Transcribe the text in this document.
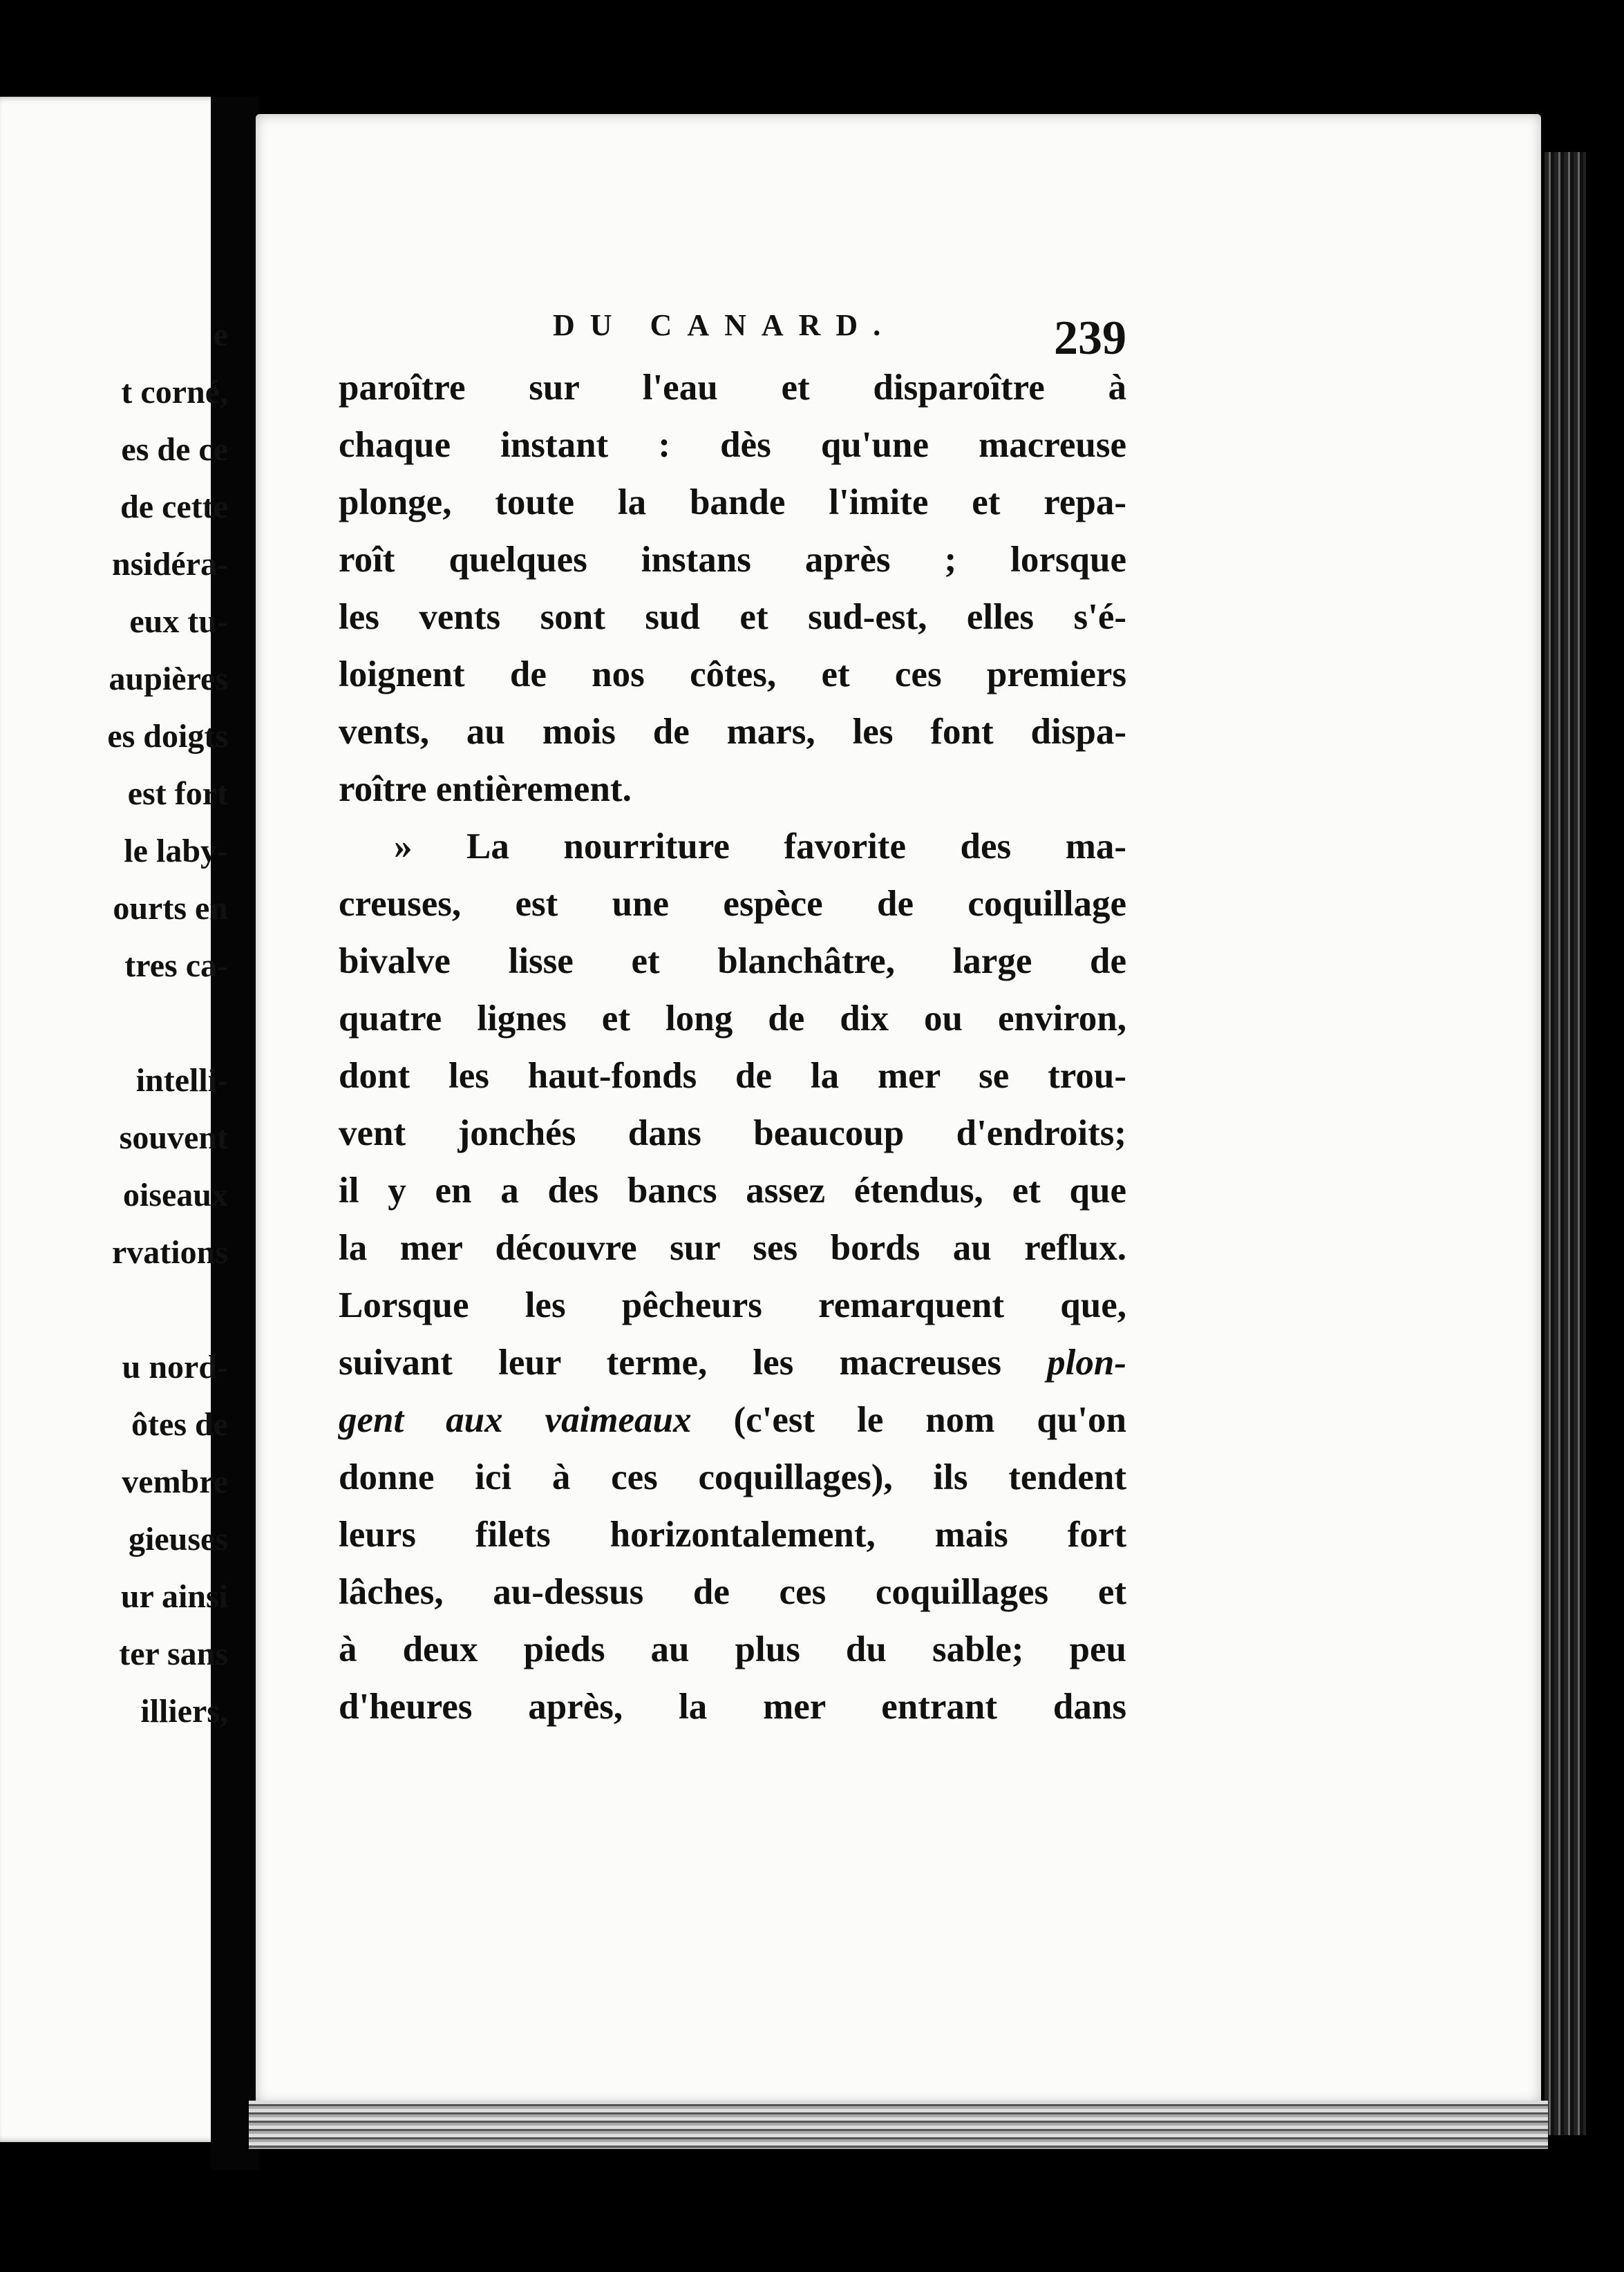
e
t corné,
es de ce
de cette
nsidéra-
eux tu-
aupières
es doigts
est fort
le laby-
ourts en
tres ca-
intelli-
souvent
oiseaux
rvations
u nord-
ôtes de
vembre
gieuses
ur ainsi
ter sans
illiers,
DU CANARD.	239

paroître sur l'eau et disparoître à
chaque instant : dès qu'une macreuse
plonge, toute la bande l'imite et repa-
roît quelques instans après ; lorsque
les vents sont sud et sud-est, elles s'é-
loignent de nos côtes, et ces premiers
vents, au mois de mars, les font dispa-
roître entièrement.

» La nourriture favorite des ma-
creuses, est une espèce de coquillage
bivalve lisse et blanchâtre, large de
quatre lignes et long de dix ou environ,
dont les haut-fonds de la mer se trou-
vent jonchés dans beaucoup d'endroits;
il y en a des bancs assez étendus, et que
la mer découvre sur ses bords au reflux.
Lorsque les pêcheurs remarquent que,
suivant leur terme, les macreuses plon-
gent aux vaimeaux (c'est le nom qu'on
donne ici à ces coquillages), ils tendent
leurs filets horizontalement, mais fort
lâches, au-dessus de ces coquillages et
à deux pieds au plus du sable; peu
d'heures après, la mer entrant dans
